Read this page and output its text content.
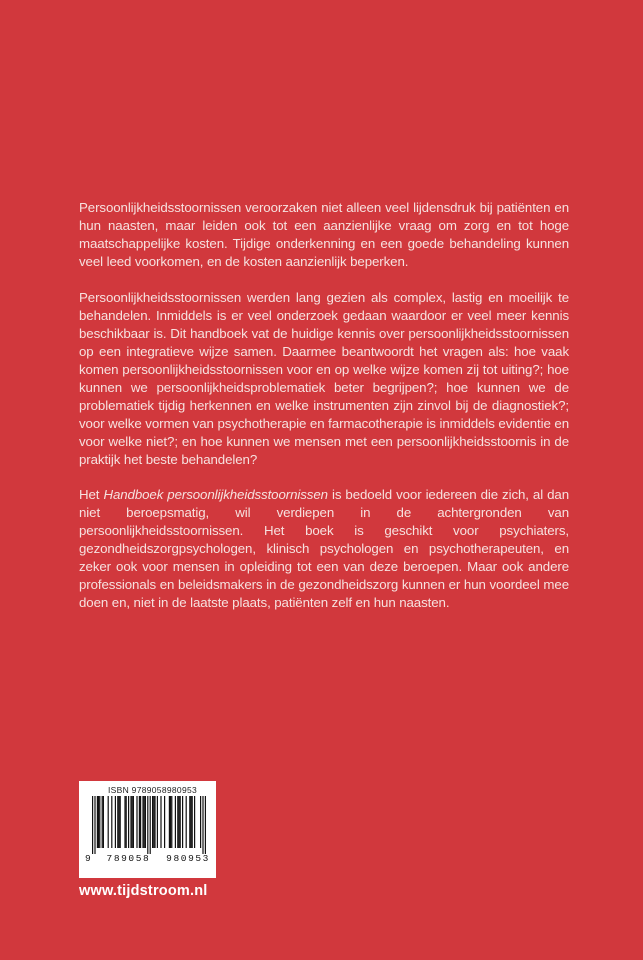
Persoonlijkheidsstoornissen veroorzaken niet alleen veel lijdensdruk bij patiënten en hun naasten, maar leiden ook tot een aanzienlijke vraag om zorg en tot hoge maatschappelijke kosten. Tijdige onderkenning en een goede behandeling kunnen veel leed voorkomen, en de kosten aanzienlijk beperken.

Persoonlijkheidsstoornissen werden lang gezien als complex, lastig en moeilijk te behandelen. Inmiddels is er veel onderzoek gedaan waardoor er veel meer kennis beschikbaar is. Dit handboek vat de huidige kennis over persoonlijkheidsstoornissen op een integratieve wijze samen. Daarmee beantwoordt het vragen als: hoe vaak komen persoonlijkheidsstoornissen voor en op welke wijze komen zij tot uiting?; hoe kunnen we persoonlijkheidsproblematiek beter begrijpen?; hoe kunnen we de problematiek tijdig herkennen en welke instrumenten zijn zinvol bij de diagnostiek?; voor welke vormen van psychotherapie en farmacotherapie is inmiddels evidentie en voor welke niet?; en hoe kunnen we mensen met een persoonlijkheidsstoornis in de praktijk het beste behandelen?

Het Handboek persoonlijkheidsstoornissen is bedoeld voor iedereen die zich, al dan niet beroepsmatig, wil verdiepen in de achtergronden van persoonlijkheidsstoornissen. Het boek is geschikt voor psychiaters, gezondheidszorgpsychologen, klinisch psychologen en psychotherapeuten, en zeker ook voor mensen in opleiding tot een van deze beroepen. Maar ook andere professionals en beleidsmakers in de gezondheidszorg kunnen er hun voordeel mee doen en, niet in de laatste plaats, patiënten zelf en hun naasten.

ISBN 9789058980953
9 789058 980953
www.tijdstroom.nl
